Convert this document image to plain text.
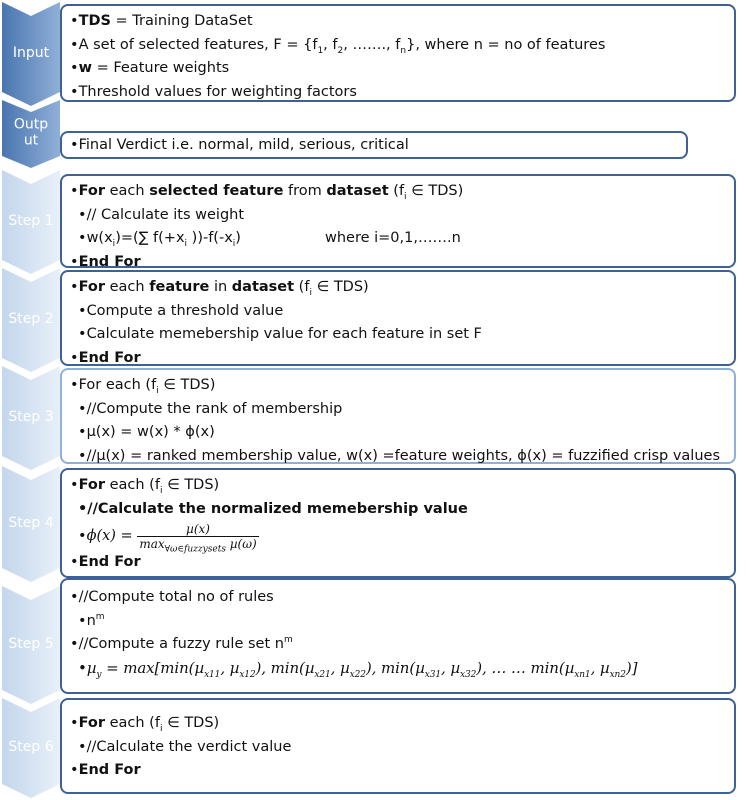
Input
•TDS = Training DataSet
•A set of selected features, $F = \{f_1$, $f_2$, ……., $f_n$}, where n = no of features
•w = Feature weights
•Threshold values for weighting factors
Output	•Final Verdict i.e. normal, mild, serious, critical
Step 1
•For each selected feature from dataset ($f_i$ ∈ TDS)
•// Calculate its weight
$•w(x_i)=(\sum$ $f(+x_i$ ))$-f(-x_i)$	where i=0,1,…….n
•End For
Step 2
•For each feature in dataset ($f_i$ ∈ TDS)
•Compute a threshold value
•Calculate memebership value for each feature in set F
•End For
Step 3
•For each ($f_i$ ∈ TDS)
•//Compute the rank of membership
•µ(x) = w(x) * ϕ(x)
•//µ(x) = ranked membership value, w(x) =feature weights, ϕ(x) = fuzzified crisp values
Step 4
•For each ($f_i$ ∈ TDS)
•//Calculate the normalized memebership value
•ϕ(x) = $\frac{\text{µ(x)}}{\max_{\forall\omega\in fuzzysets} \mu(\omega)}$
•End For
Step 5
•//Compute total no of rules
$•n^m$
•//Compute a fuzzy rule set $n^m$
•µ$_y$ = max[min(µ$_{x11}$, µ$_{x12}$), min(µ$_{x21}$, µ$_{x22}$), min(µ$_{x31}$, µ$_{x32}$), … … min(µ$_{xn1}$, µ$_{xn2}$)]
Step 6
•For each ($f_i$ ∈ TDS)
•//Calculate the verdict value
•End For
